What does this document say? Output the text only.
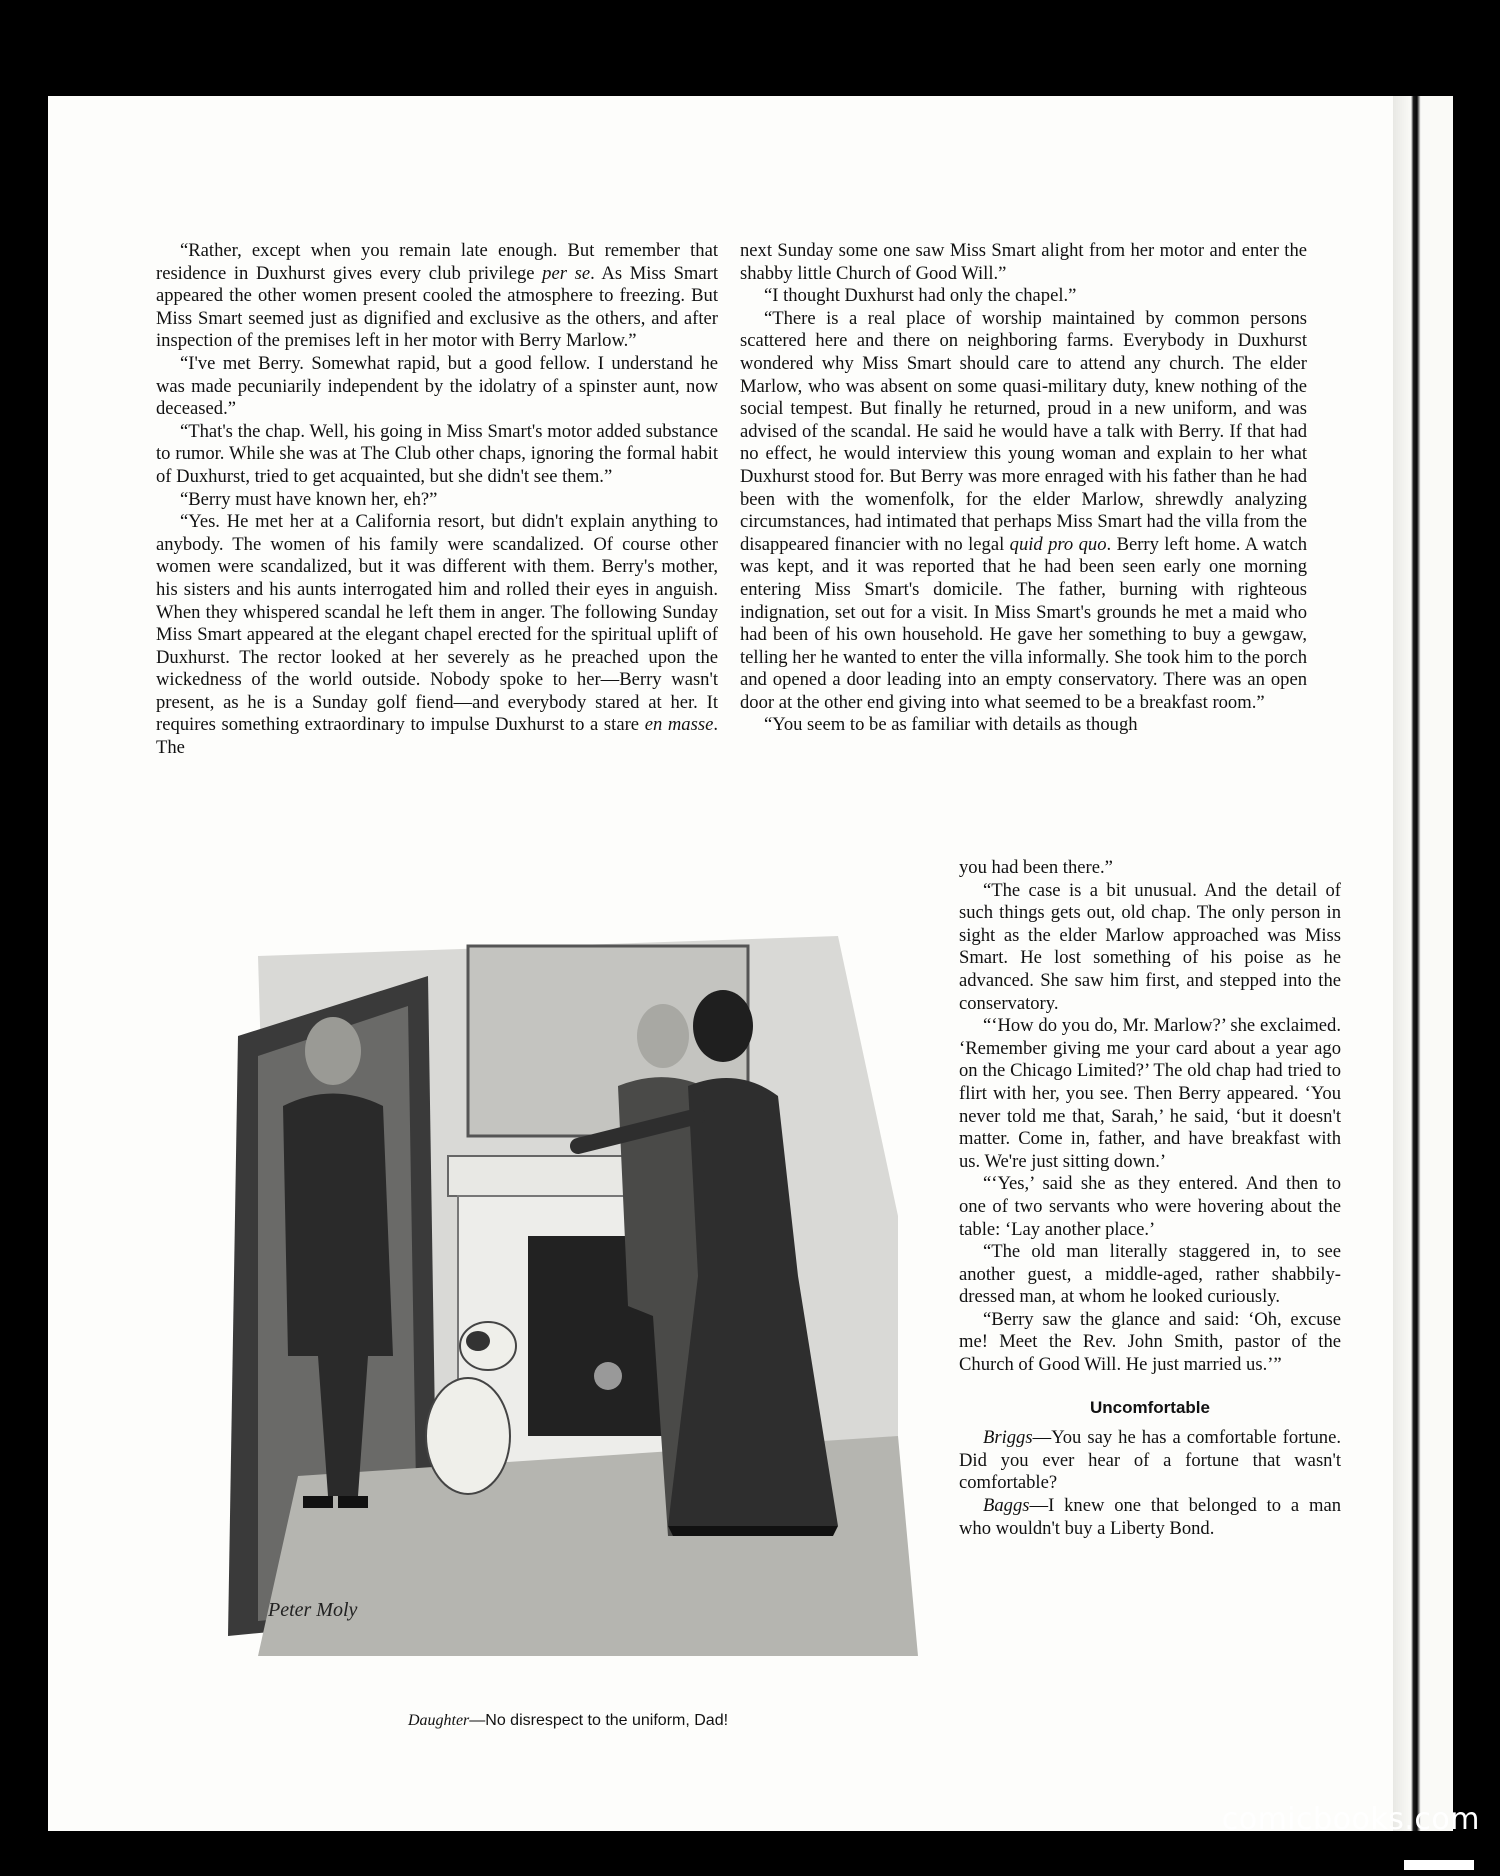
“Rather, except when you remain late enough. But remember that residence in Duxhurst gives every club privilege per se. As Miss Smart appeared the other women present cooled the atmosphere to freezing. But Miss Smart seemed just as dignified and exclusive as the others, and after inspection of the premises left in her motor with Berry Marlow.”

“I've met Berry. Somewhat rapid, but a good fellow. I understand he was made pecuniarily independent by the idolatry of a spinster aunt, now deceased.”

“That's the chap. Well, his going in Miss Smart's motor added substance to rumor. While she was at The Club other chaps, ignoring the formal habit of Duxhurst, tried to get acquainted, but she didn't see them.”

“Berry must have known her, eh?”

“Yes. He met her at a California resort, but didn't explain anything to anybody. The women of his family were scandalized. Of course other women were scandalized, but it was different with them. Berry's mother, his sisters and his aunts interrogated him and rolled their eyes in anguish. When they whispered scandal he left them in anger. The following Sunday Miss Smart appeared at the elegant chapel erected for the spiritual uplift of Duxhurst. The rector looked at her severely as he preached upon the wickedness of the world outside. Nobody spoke to her—Berry wasn't present, as he is a Sunday golf fiend—and everybody stared at her. It requires something extraordinary to impulse Duxhurst to a stare en masse. The

next Sunday some one saw Miss Smart alight from her motor and enter the shabby little Church of Good Will.”

“I thought Duxhurst had only the chapel.”

“There is a real place of worship maintained by common persons scattered here and there on neighboring farms. Everybody in Duxhurst wondered why Miss Smart should care to attend any church. The elder Marlow, who was absent on some quasi-military duty, knew nothing of the social tempest. But finally he returned, proud in a new uniform, and was advised of the scandal. He said he would have a talk with Berry. If that had no effect, he would interview this young woman and explain to her what Duxhurst stood for. But Berry was more enraged with his father than he had been with the womenfolk, for the elder Marlow, shrewdly analyzing circumstances, had intimated that perhaps Miss Smart had the villa from the disappeared financier with no legal quid pro quo. Berry left home. A watch was kept, and it was reported that he had been seen early one morning entering Miss Smart's domicile. The father, burning with righteous indignation, set out for a visit. In Miss Smart's grounds he met a maid who had been of his own household. He gave her something to buy a gewgaw, telling her he wanted to enter the villa informally. She took him to the porch and opened a door leading into an empty conservatory. There was an open door at the other end giving into what seemed to be a breakfast room.”

“You seem to be as familiar with details as though

you had been there.”

“The case is a bit unusual. And the detail of such things gets out, old chap. The only person in sight as the elder Marlow approached was Miss Smart. He lost something of his poise as he advanced. She saw him first, and stepped into the conservatory.

“‘How do you do, Mr. Marlow?’ she exclaimed. ‘Remember giving me your card about a year ago on the Chicago Limited?’ The old chap had tried to flirt with her, you see. Then Berry appeared. ‘You never told me that, Sarah,’ he said, ‘but it doesn't matter. Come in, father, and have breakfast with us. We're just sitting down.’

“‘Yes,’ said she as they entered. And then to one of two servants who were hovering about the table: ‘Lay another place.’

“The old man literally staggered in, to see another guest, a middle-aged, rather shabbily-dressed man, at whom he looked curiously.

“Berry saw the glance and said: ‘Oh, excuse me! Meet the Rev. John Smith, pastor of the Church of Good Will. He just married us.’”

Uncomfortable

Briggs—You say he has a comfortable fortune. Did you ever hear of a fortune that wasn't comfortable?

Baggs—I knew one that belonged to a man who wouldn't buy a Liberty Bond.

Peter Moly
Daughter—No disrespect to the uniform, Dad!
comicbooks.com
